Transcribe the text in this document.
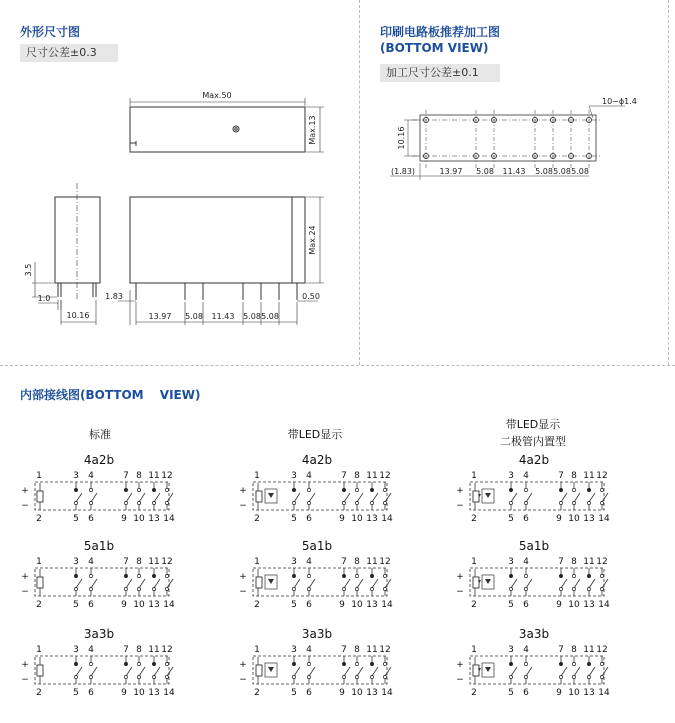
外形尺寸图
尺寸公差±0.3
Max.50
Max.13
Max.24
3.5
1.0
10.16
1.83	0.50
13.97 5.08 11.43 5.08 5.08
印刷电路板推荐加工图
(BOTTOM VIEW)
加工尺寸公差±0.1
10.16
10−ϕ1.4
(1.83)	13.97 5.08 11.43 5.08 5.08 5.08
内部接线图(BOTTOM　 VIEW)
标准	带LED显示
带LED显示
二极管内置型
4a2b
1	3 4	7 8 11 12
2	5 6	9 10 13 14
+
−
5a1b
1	3 4	7 8 11 12
2	5 6	9 10 13 14
+
−
3a3b
1	3 4	7 8 11 12
2	5 6	9 10 13 14
+
−
4a2b
1	3 4	7 8 11 12
2	5 6	9 10 13 14
+
−
5a1b
1	3 4	7 8 11 12
2	5 6	9 10 13 14
+
−
3a3b
1	3 4	7 8 11 12
2	5 6	9 10 13 14
+
−
4a2b
1	3 4	7 8 11 12
2	5 6	9 10 13 14
+
−
5a1b
1	3 4	7 8 11 12
2	5 6	9 10 13 14
+
−
3a3b
1	3 4	7 8 11 12
2	5 6	9 10 13 14
+
−
